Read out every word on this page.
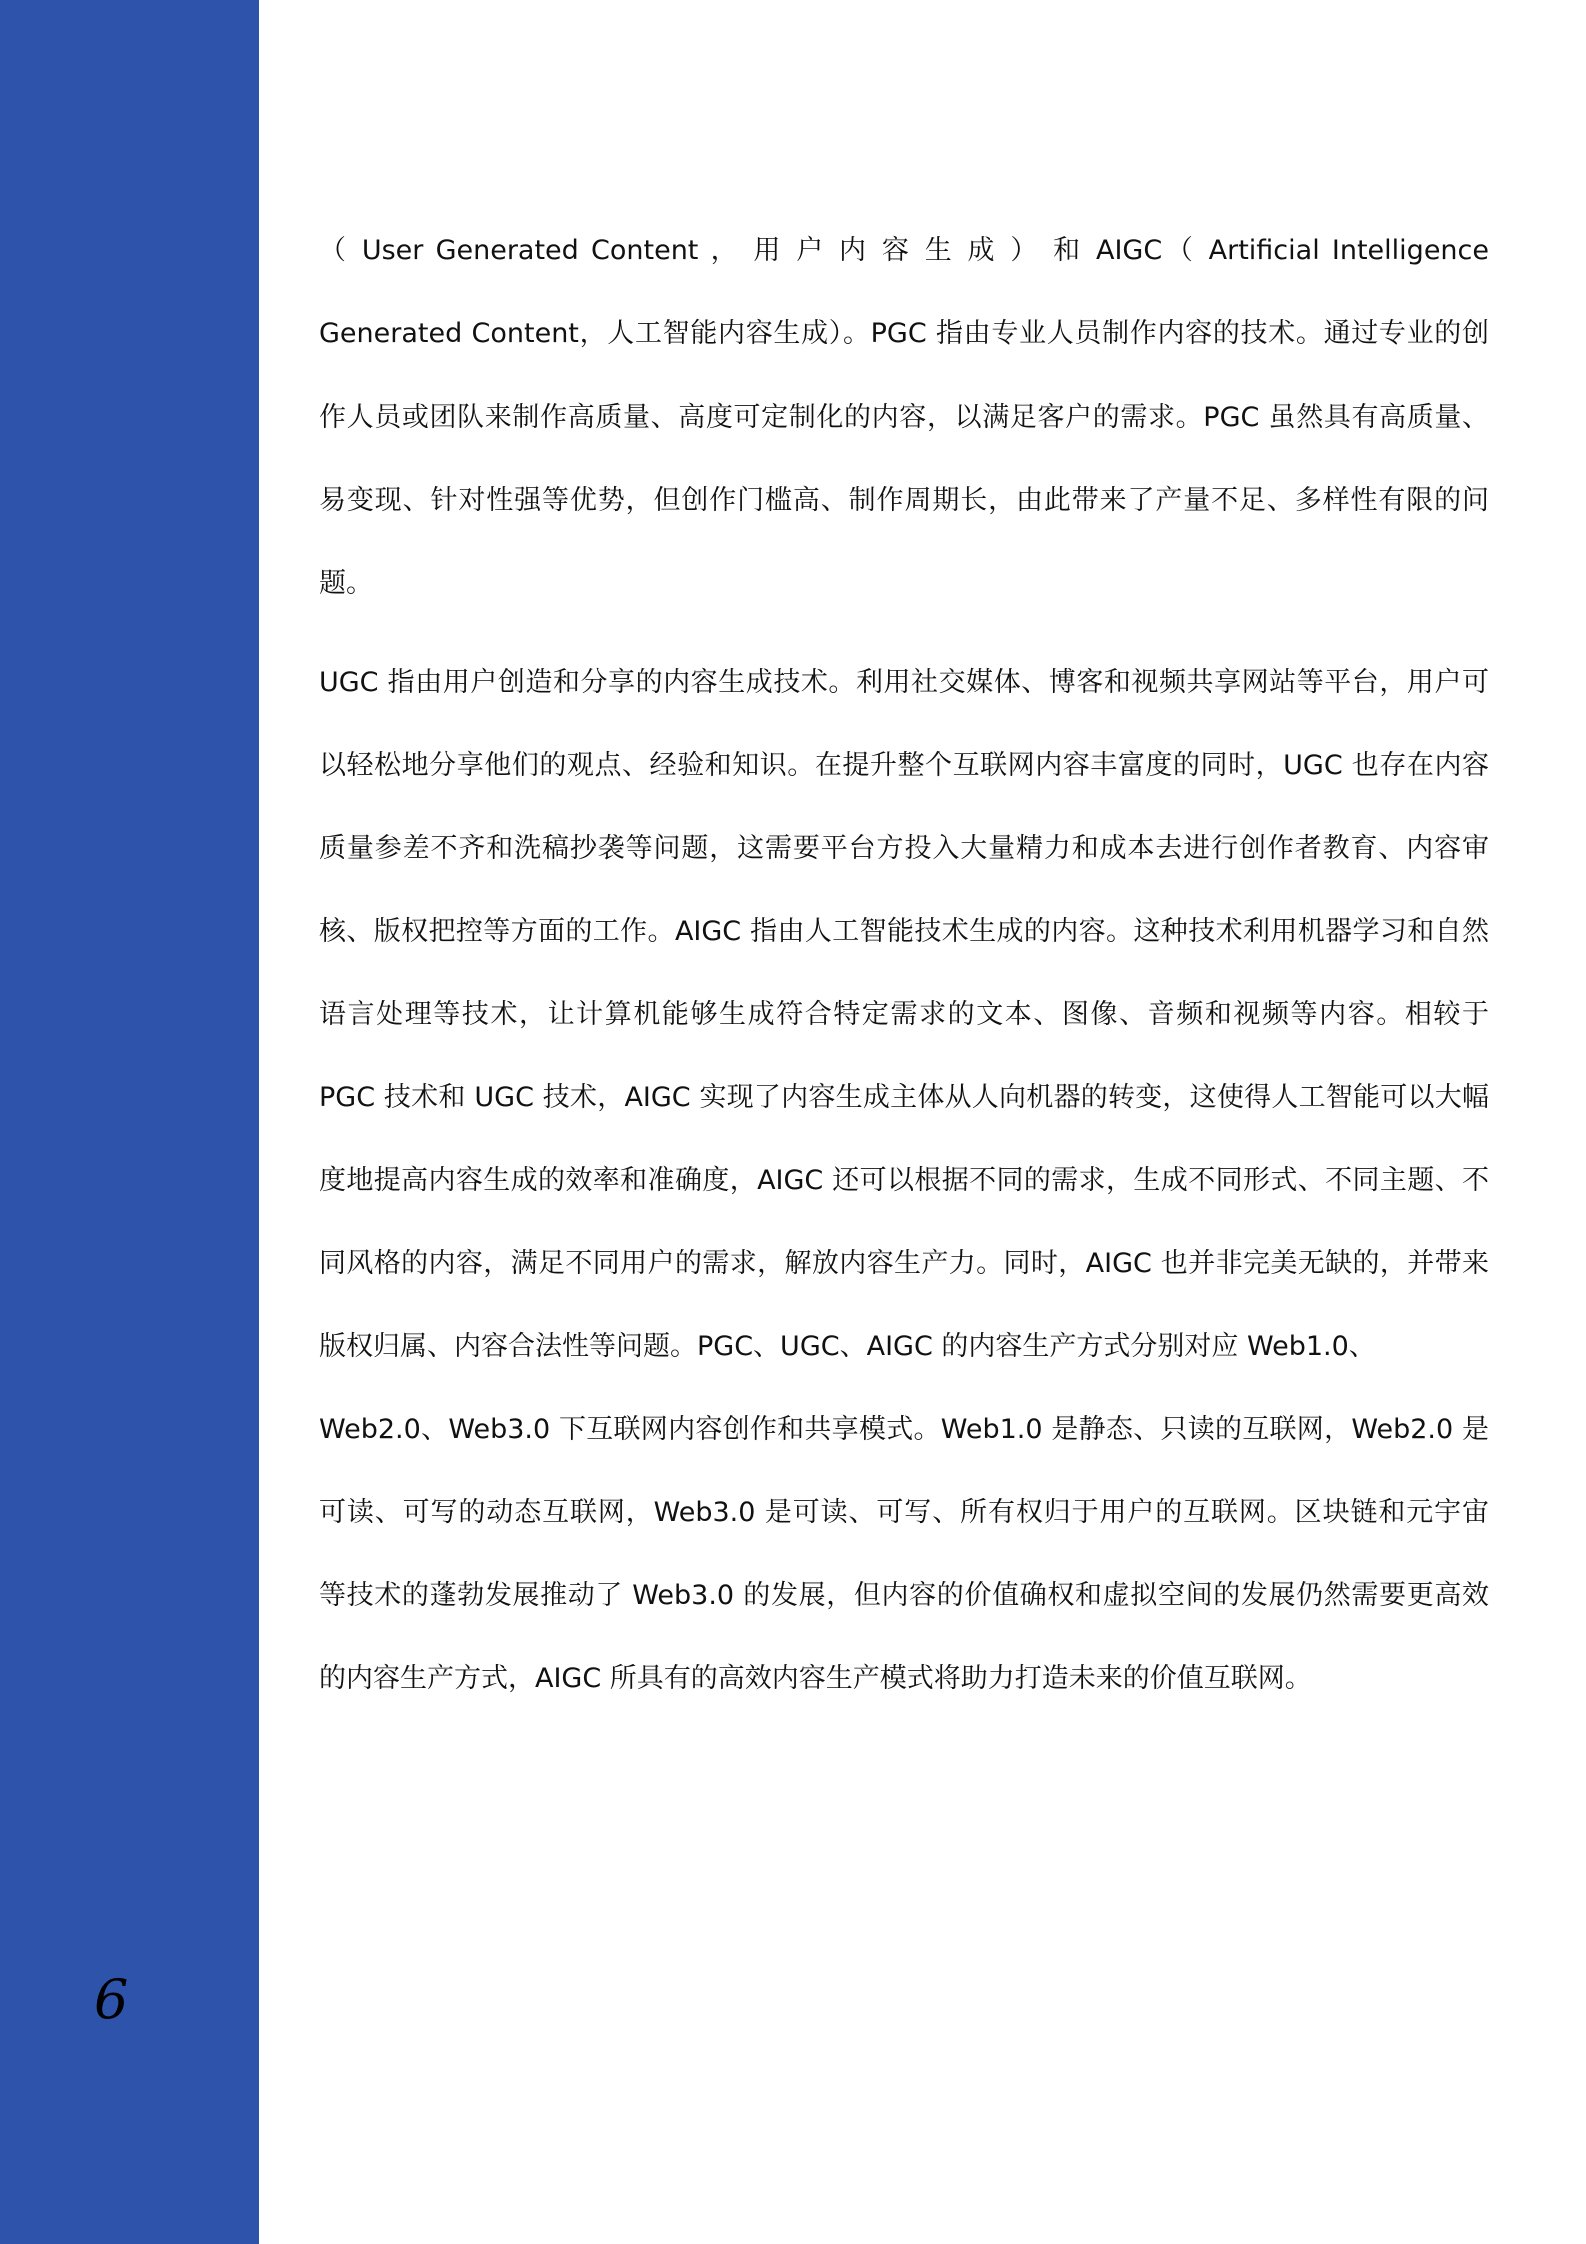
6
（ User Generated Content ， 用 户 内 容 生 成 ） 和 AIGC（ Artificial Intelligence
Generated Content，人工智能内容生成）。PGC 指由专业人员制作内容的技术。通过专业的创
作人员或团队来制作高质量、高度可定制化的内容，以满足客户的需求。PGC 虽然具有高质量、
易变现、针对性强等优势，但创作门槛高、制作周期长，由此带来了产量不足、多样性有限的问
题。
UGC 指由用户创造和分享的内容生成技术。利用社交媒体、博客和视频共享网站等平台，用户可
以轻松地分享他们的观点、经验和知识。在提升整个互联网内容丰富度的同时，UGC 也存在内容
质量参差不齐和洗稿抄袭等问题，这需要平台方投入大量精力和成本去进行创作者教育、内容审
核、版权把控等方面的工作。AIGC 指由人工智能技术生成的内容。这种技术利用机器学习和自然
语言处理等技术，让计算机能够生成符合特定需求的文本、图像、音频和视频等内容。相较于
PGC 技术和 UGC 技术，AIGC 实现了内容生成主体从人向机器的转变，这使得人工智能可以大幅
度地提高内容生成的效率和准确度，AIGC 还可以根据不同的需求，生成不同形式、不同主题、不
同风格的内容，满足不同用户的需求，解放内容生产力。同时，AIGC 也并非完美无缺的，并带来
版权归属、内容合法性等问题。PGC、UGC、AIGC 的内容生产方式分别对应 Web1.0、
Web2.0、Web3.0 下互联网内容创作和共享模式。Web1.0 是静态、只读的互联网，Web2.0 是
可读、可写的动态互联网，Web3.0 是可读、可写、所有权归于用户的互联网。区块链和元宇宙
等技术的蓬勃发展推动了 Web3.0 的发展，但内容的价值确权和虚拟空间的发展仍然需要更高效
的内容生产方式，AIGC 所具有的高效内容生产模式将助力打造未来的价值互联网。
